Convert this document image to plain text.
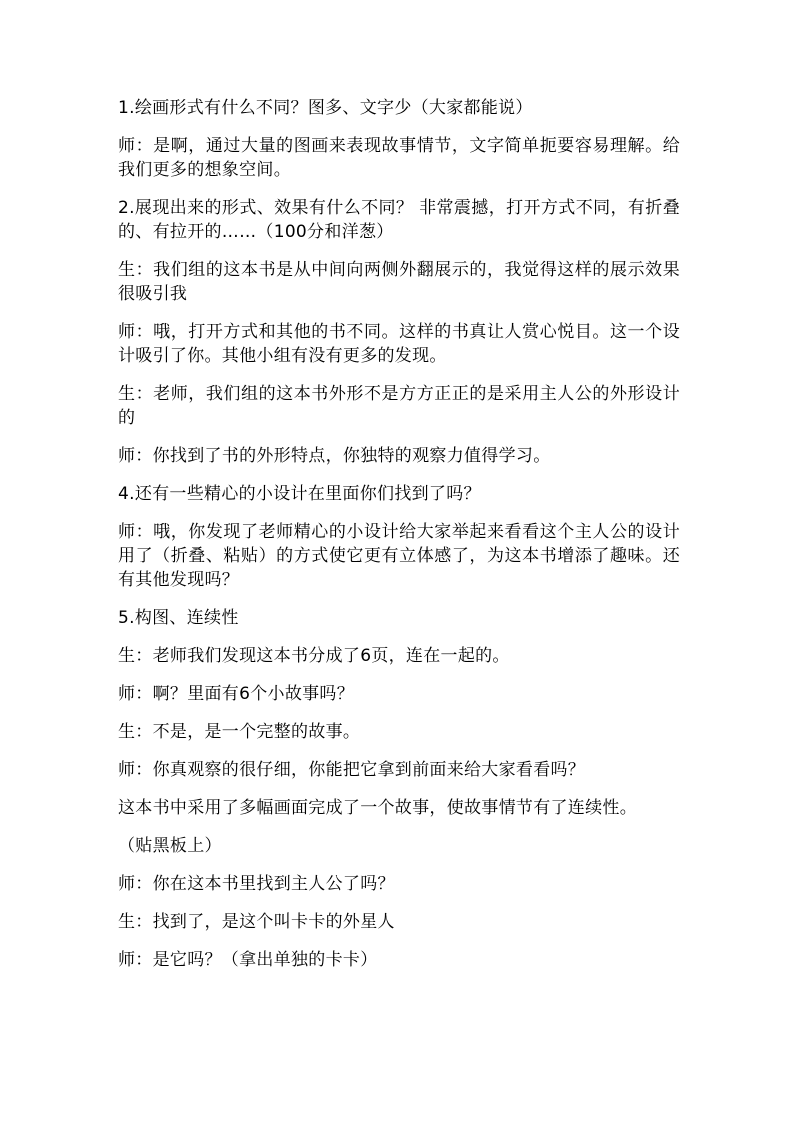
1.绘画形式有什么不同？图多、文字少（大家都能说）

师：是啊，通过大量的图画来表现故事情节，文字简单扼要容易理解。给我们更多的想象空间。

2.展现出来的形式、效果有什么不同？ 非常震撼，打开方式不同，有折叠的、有拉开的……（100分和洋葱）

生：我们组的这本书是从中间向两侧外翻展示的，我觉得这样的展示效果很吸引我

师：哦，打开方式和其他的书不同。这样的书真让人赏心悦目。这一个设计吸引了你。其他小组有没有更多的发现。

生：老师，我们组的这本书外形不是方方正正的是采用主人公的外形设计的

师：你找到了书的外形特点，你独特的观察力值得学习。

4.还有一些精心的小设计在里面你们找到了吗？

师：哦，你发现了老师精心的小设计给大家举起来看看这个主人公的设计用了（折叠、粘贴）的方式使它更有立体感了，为这本书增添了趣味。还有其他发现吗？

5.构图、连续性

生：老师我们发现这本书分成了6页，连在一起的。

师：啊？里面有6个小故事吗？

生：不是，是一个完整的故事。

师：你真观察的很仔细，你能把它拿到前面来给大家看看吗？

这本书中采用了多幅画面完成了一个故事，使故事情节有了连续性。

（贴黑板上）

师：你在这本书里找到主人公了吗？

生：找到了，是这个叫卡卡的外星人

师：是它吗？（拿出单独的卡卡）
